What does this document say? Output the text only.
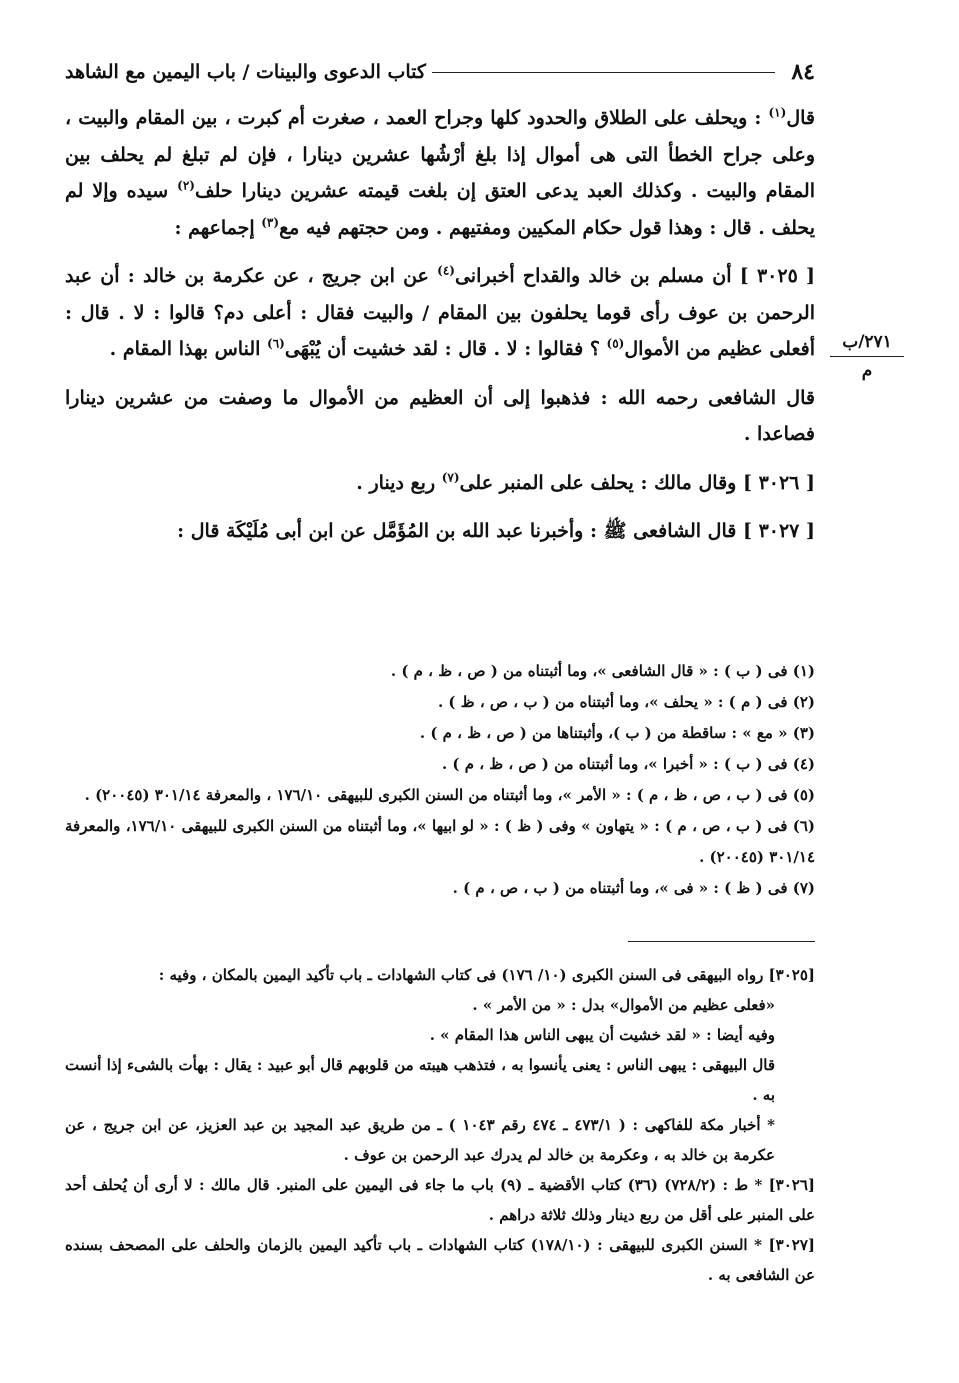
٨٤
كتاب الدعوى والبينات / باب اليمين مع الشاهد
٢٧١/ب
م

قال$^{(١)}$ : ويحلف على الطلاق والحدود كلها وجراح العمد ، صغرت أم كبرت ، بين المقام والبيت ، وعلى جراح الخطأ التى هى أموال إذا بلغ أرْشُها عشرين دينارا ، فإن لم تبلغ لم يحلف بين المقام والبيت . وكذلك العبد يدعى العتق إن بلغت قيمته عشرين دينارا حلف$^{(٢)}$ سيده وإلا لم يحلف . قال : وهذا قول حكام المكيين ومفتيهم . ومن حجتهم فيه مع$^{(٣)}$ إجماعهم :

[ ٣٠٢٥ ] أن مسلم بن خالد والقداح أخبرانى$^{(٤)}$ عن ابن جريج ، عن عكرمة بن خالد : أن عبد الرحمن بن عوف رأى قوما يحلفون بين المقام / والبيت فقال : أعلى دم؟ قالوا : لا . قال : أفعلى عظيم من الأموال$^{(٥)}$ ؟ فقالوا : لا . قال : لقد خشيت أن يُبْهَى$^{(٦)}$ الناس بهذا المقام .

قال الشافعى رحمه الله : فذهبوا إلى أن العظيم من الأموال ما وصفت من عشرين دينارا فصاعدا .

[ ٣٠٢٦ ] وقال مالك : يحلف على المنبر على$^{(٧)}$ ربع دينار .

[ ٣٠٢٧ ] قال الشافعى ﷺ : وأخبرنا عبد الله بن المُؤَمَّل عن ابن أبى مُلَيْكَة قال :

(١) فى ( ب ) : « قال الشافعى »، وما أثبتناه من ( ص ، ظ ، م ) .

(٢) فى ( م ) : « يحلف »، وما أثبتناه من ( ب ، ص ، ظ ) .

(٣) « مع » : ساقطة من ( ب )، وأثبتناها من ( ص ، ظ ، م ) .

(٤) فى ( ب ) : « أخبرا »، وما أثبتناه من ( ص ، ظ ، م ) .

(٥) فى ( ب ، ص ، ظ ، م ) : « الأمر »، وما أثبتناه من السنن الكبرى للبيهقى ١٧٦/١٠ ، والمعرفة ٣٠١/١٤ (٢٠٠٤٥) .

(٦) فى ( ب ، ص ، م ) : « يتهاون » وفى ( ظ ) : « لو ابيها »، وما أثبتناه من السنن الكبرى للبيهقى ١٧٦/١٠، والمعرفة ٣٠١/١٤ (٢٠٠٤٥) .

(٧) فى ( ظ ) : « فى »، وما أثبتناه من ( ب ، ص ، م ) .

[٣٠٢٥] رواه البيهقى فى السنن الكبرى (١٠/ ١٧٦) فى كتاب الشهادات ـ باب تأكيد اليمين بالمكان ، وفيه :

«فعلى عظيم من الأموال» بدل : « من الأمر » .

وفيه أيضا : « لقد خشيت أن يبهى الناس هذا المقام » .

قال البيهقى : يبهى الناس : يعنى يأنسوا به ، فتذهب هيبته من قلوبهم قال أبو عبيد : يقال : بهأت بالشىء إذا أنست به .

* أخبار مكة للفاكهى : ( ٤٧٣/١ ـ ٤٧٤ رقم ١٠٤٣ ) ـ من طريق عبد المجيد بن عبد العزيز، عن ابن جريج ، عن عكرمة بن خالد به ، وعكرمة بن خالد لم يدرك عبد الرحمن بن عوف .

[٣٠٢٦] * ط : (٧٢٨/٢) (٣٦) كتاب الأقضية ـ (٩) باب ما جاء فى اليمين على المنبر. قال مالك : لا أرى أن يُحلف أحد على المنبر على أقل من ربع دينار وذلك ثلاثة دراهم .

[٣٠٢٧] * السنن الكبرى للبيهقى : (١٧٨/١٠) كتاب الشهادات ـ باب تأكيد اليمين بالزمان والحلف على المصحف بسنده عن الشافعى به .
